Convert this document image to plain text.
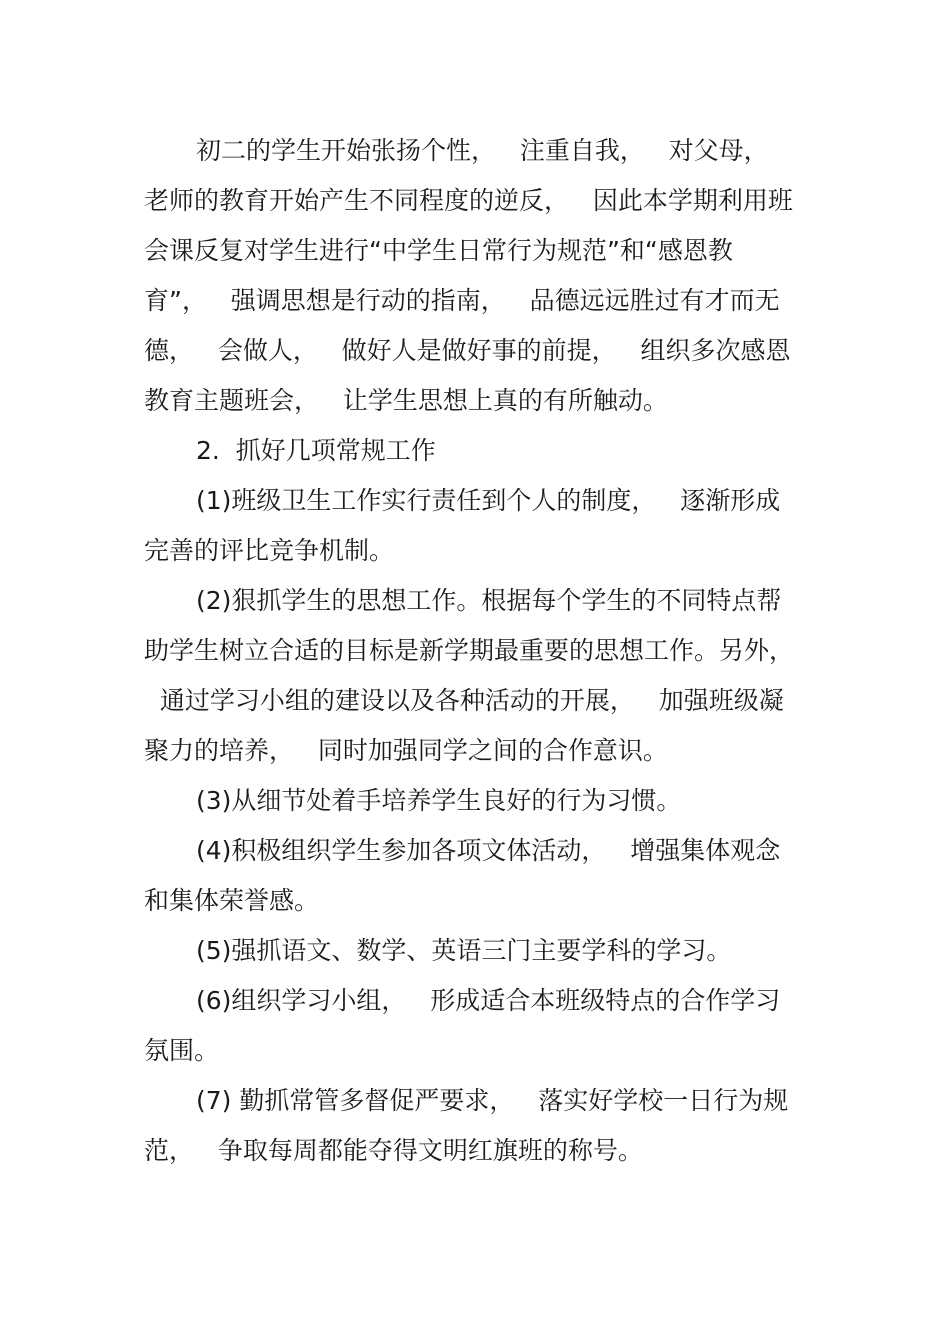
初二的学生开始张扬个性，   注重自我，   对父母，
老师的教育开始产生不同程度的逆反，   因此本学期利用班
会课反复对学生进行“中学生日常行为规范”和“感恩教
育”，   强调思想是行动的指南，   品德远远胜过有才而无
德，   会做人，   做好人是做好事的前提，   组织多次感恩
教育主题班会，   让学生思想上真的有所触动。
2.  抓好几项常规工作
(1)班级卫生工作实行责任到个人的制度，   逐渐形成
完善的评比竞争机制。
(2)狠抓学生的思想工作。根据每个学生的不同特点帮
助学生树立合适的目标是新学期最重要的思想工作。另外，
通过学习小组的建设以及各种活动的开展，   加强班级凝
聚力的培养，   同时加强同学之间的合作意识。
(3)从细节处着手培养学生良好的行为习惯。
(4)积极组织学生参加各项文体活动，   增强集体观念
和集体荣誉感。
(5)强抓语文、数学、英语三门主要学科的学习。
(6)组织学习小组，   形成适合本班级特点的合作学习
氛围。
(7) 勤抓常管多督促严要求，   落实好学校一日行为规
范，   争取每周都能夺得文明红旗班的称号。
